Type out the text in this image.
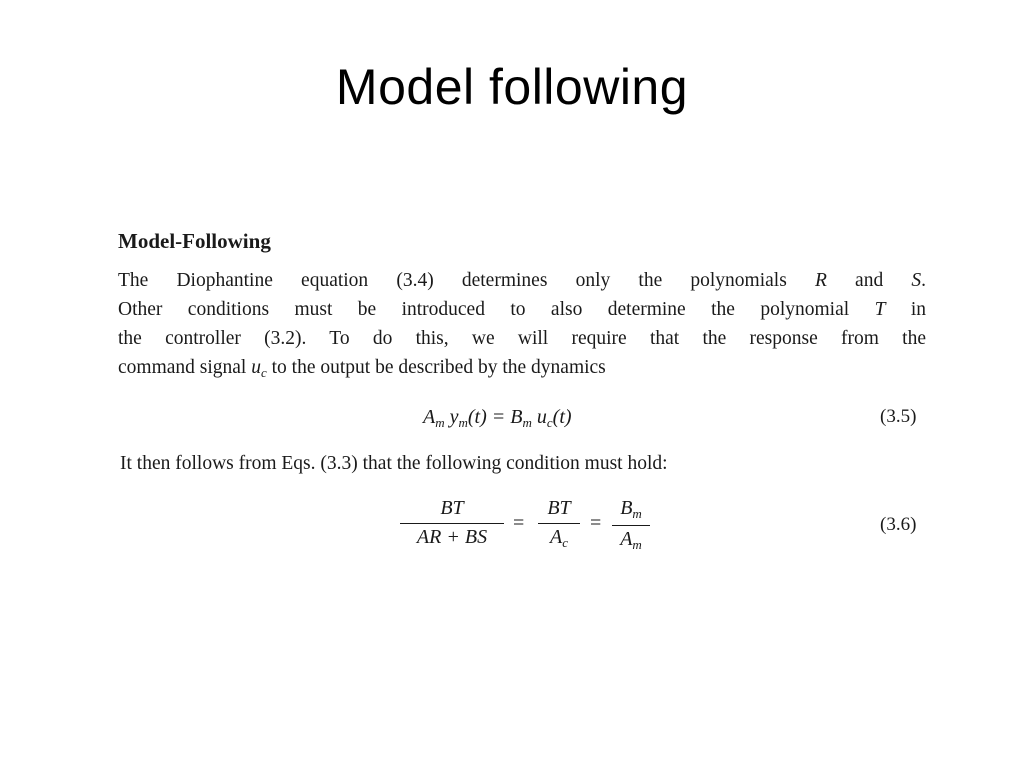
Model following
Model-Following
The Diophantine equation (3.4) determines only the polynomials R and S.
Other conditions must be introduced to also determine the polynomial T in
the controller (3.2). To do this, we will require that the response from the
command signal $u_c$ to the output be described by the dynamics
$A_m$ $y_m(t) = B_m$ $u_c(t)$	(3.5)
It then follows from Eqs. (3.3) that the following condition must hold:
BT
AR + BS
=
BT
$A_c$
=
$B_m$
$A_m$
(3.6)
